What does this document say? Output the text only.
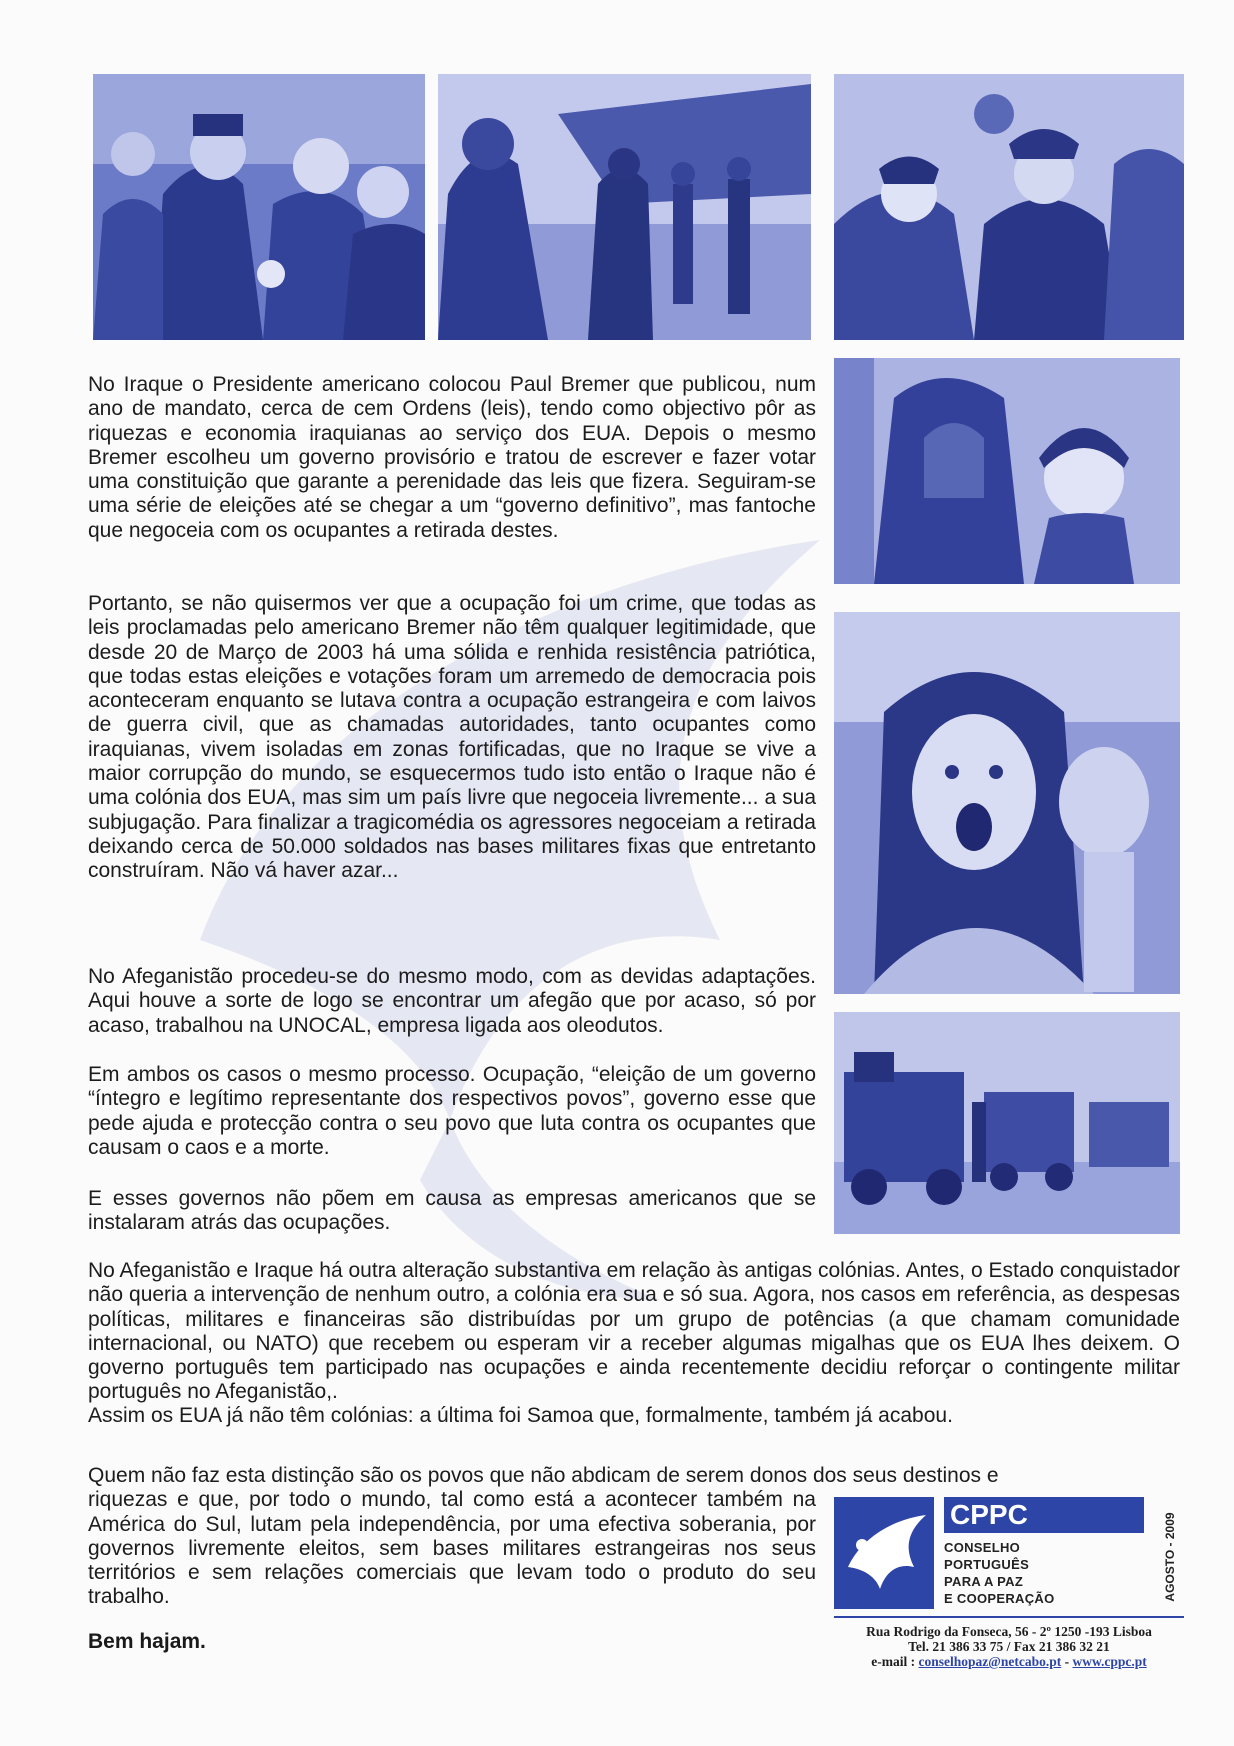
No Iraque o Presidente americano colocou Paul Bremer que publicou, num ano de mandato, cerca de cem Ordens (leis), tendo como objectivo pôr as riquezas e economia iraquianas ao serviço dos EUA. Depois o mesmo Bremer escolheu um governo provisório e tratou de escrever e fazer votar uma constituição que garante a perenidade das leis que fizera. Seguiram-se uma série de eleições até se chegar a um “governo definitivo”, mas fantoche que negoceia com os ocupantes a retirada destes.

Portanto, se não quisermos ver que a ocupação foi um crime, que todas as leis proclamadas pelo americano Bremer não têm qualquer legitimidade, que desde 20 de Março de 2003 há uma sólida e renhida resistência patriótica, que todas estas eleições e votações foram um arremedo de democracia pois aconteceram enquanto se lutava contra a ocupação estrangeira e com laivos de guerra civil, que as chamadas autoridades, tanto ocupantes como iraquianas, vivem isoladas em zonas fortificadas, que no Iraque se vive a maior corrupção do mundo, se esquecermos tudo isto então o Iraque não é uma colónia dos EUA, mas sim um país livre que negoceia livremente... a sua subjugação. Para finalizar a tragicomédia os agressores negoceiam a retirada deixando cerca de 50.000 soldados nas bases militares fixas que entretanto construíram. Não vá haver azar...

No Afeganistão procedeu-se do mesmo modo, com as devidas adaptações. Aqui houve a sorte de logo se encontrar um afegão que por acaso, só por acaso, trabalhou na UNOCAL, empresa ligada aos oleodutos.

Em ambos os casos o mesmo processo. Ocupação, “eleição de um governo “íntegro e legítimo representante dos respectivos povos”, governo esse que pede ajuda e protecção contra o seu povo que luta contra os ocupantes que causam o caos e a morte.

E esses governos não põem em causa as empresas americanos que se instalaram atrás das ocupações.

No Afeganistão e Iraque há outra alteração substantiva em relação às antigas colónias. Antes, o Estado conquistador não queria a intervenção de nenhum outro, a colónia era sua e só sua. Agora, nos casos em referência, as despesas políticas, militares e financeiras são distribuídas por um grupo de potências (a que chamam comunidade internacional, ou NATO) que recebem ou esperam vir a receber algumas migalhas que os EUA lhes deixem. O governo português tem participado nas ocupações e ainda recentemente decidiu reforçar o contingente militar português no Afeganistão,.

Assim os EUA já não têm colónias: a última foi Samoa que, formalmente, também já acabou.

Quem não faz esta distinção são os povos que não abdicam de serem donos dos seus destinos e
riquezas e que, por todo o mundo, tal como está a acontecer também na América do Sul, lutam pela independência, por uma efectiva soberania, por governos livremente eleitos, sem bases militares estrangeiras nos seus territórios e sem relações comerciais que levam todo o produto do seu trabalho.

Bem hajam.

CPPC

CONSELHO

PORTUGUÊS

PARA A PAZ

E COOPERAÇÃO	AGOSTO - 2009

Rua Rodrigo da Fonseca, 56 - 2º 1250 -193 Lisboa
Tel. 21 386 33 75 / Fax 21 386 32 21
e-mail : conselhopaz@netcabo.pt - www.cppc.pt
